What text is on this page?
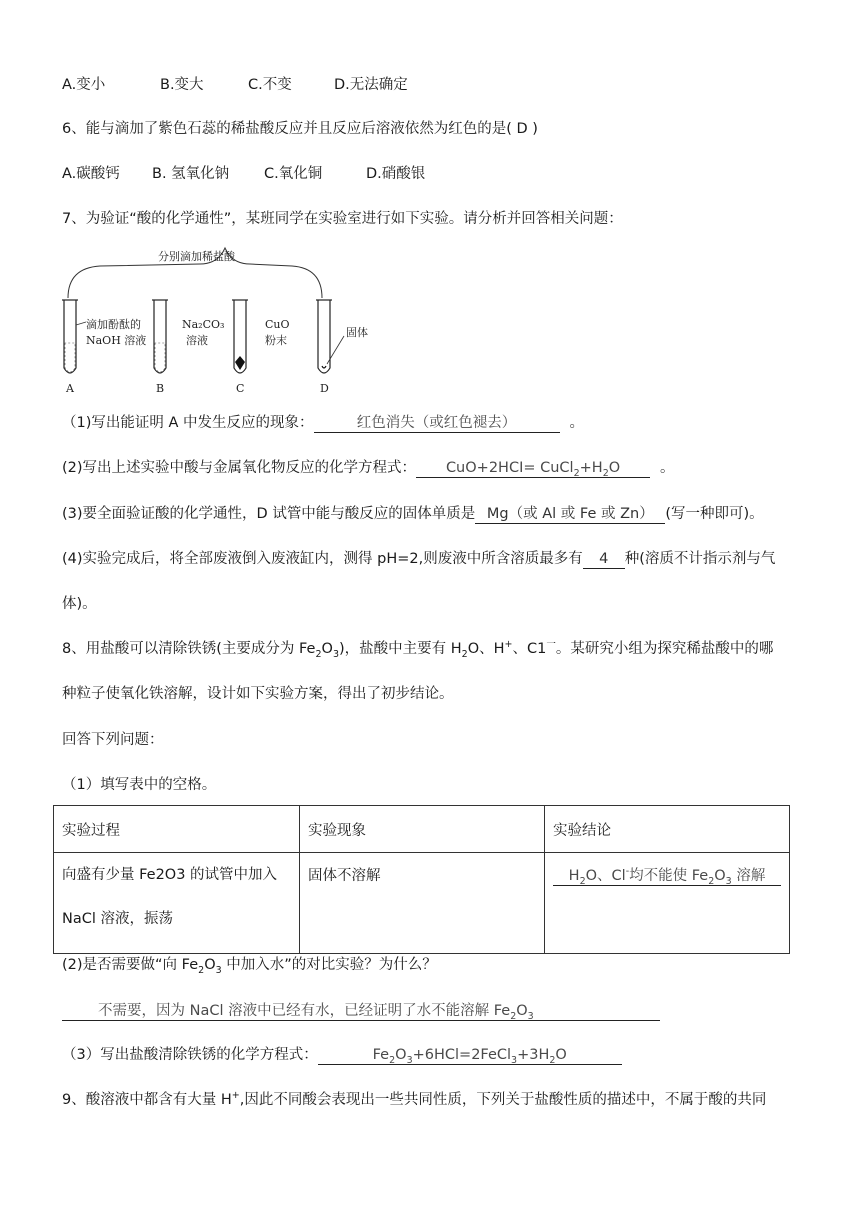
A.变小	B.变大	C.不变	D.无法确定
6、能与滴加了紫色石蕊的稀盐酸反应并且反应后溶液依然为红色的是( D )
A.碳酸钙 B. 氢氧化钠 C.氧化铜	D.硝酸银
7、为验证“酸的化学通性”，某班同学在实验室进行如下实验。请分析并回答相关问题：
分别滴加稀盐酸
滴加酚酞的
NaOH 溶液
Na₂CO₃
溶液
CuO
粉末
固体
A	B	C	D
（1)写出能证明 A 中发生反应的现象：	红色消失（或红色褪去）	。
(2)写出上述实验中酸与金属氧化物反应的化学方程式： $CuO+2HCI= CuCl_2+H_2O$	。
(3)要全面验证酸的化学通性，D 试管中能与酸反应的固体单质是 Mg（或 Al 或 Fe 或 Zn） (写一种即可)。
(4)实验完成后，将全部废液倒入废液缸内，测得 pH=2,则废液中所含溶质最多有 4 种(溶质不计指示剂与气
体)。
8、用盐酸可以清除铁锈(主要成分为 $Fe_2O_3$)，盐酸中主要有 $H_2O$、H+、$C1^一$。某研究小组为探究稀盐酸中的哪
种粒子使氧化铁溶解，设计如下实验方案，得出了初步结论。
回答下列问题：
（1）填写表中的空格。
实验过程	实验现象	实验结论

向盛有少量 Fe2O3 的试管中加入
NaCl 溶液，振荡	固体不溶解	$H_2O$、Cl-均不能使 $Fe_2O_3$ 溶解
(2)是否需要做“向 $Fe_2O_3$ 中加入水”的对比实验？为什么？
不需要，因为 NaCl 溶液中已经有水，已经证明了水不能溶解 $Fe_2O_3$
（3）写出盐酸清除铁锈的化学方程式：	$Fe_2O_3+6HCl=2FeCl_3+3H_2O$
9、酸溶液中都含有大量 H+,因此不同酸会表现出一些共同性质，下列关于盐酸性质的描述中，不属于酸的共同
